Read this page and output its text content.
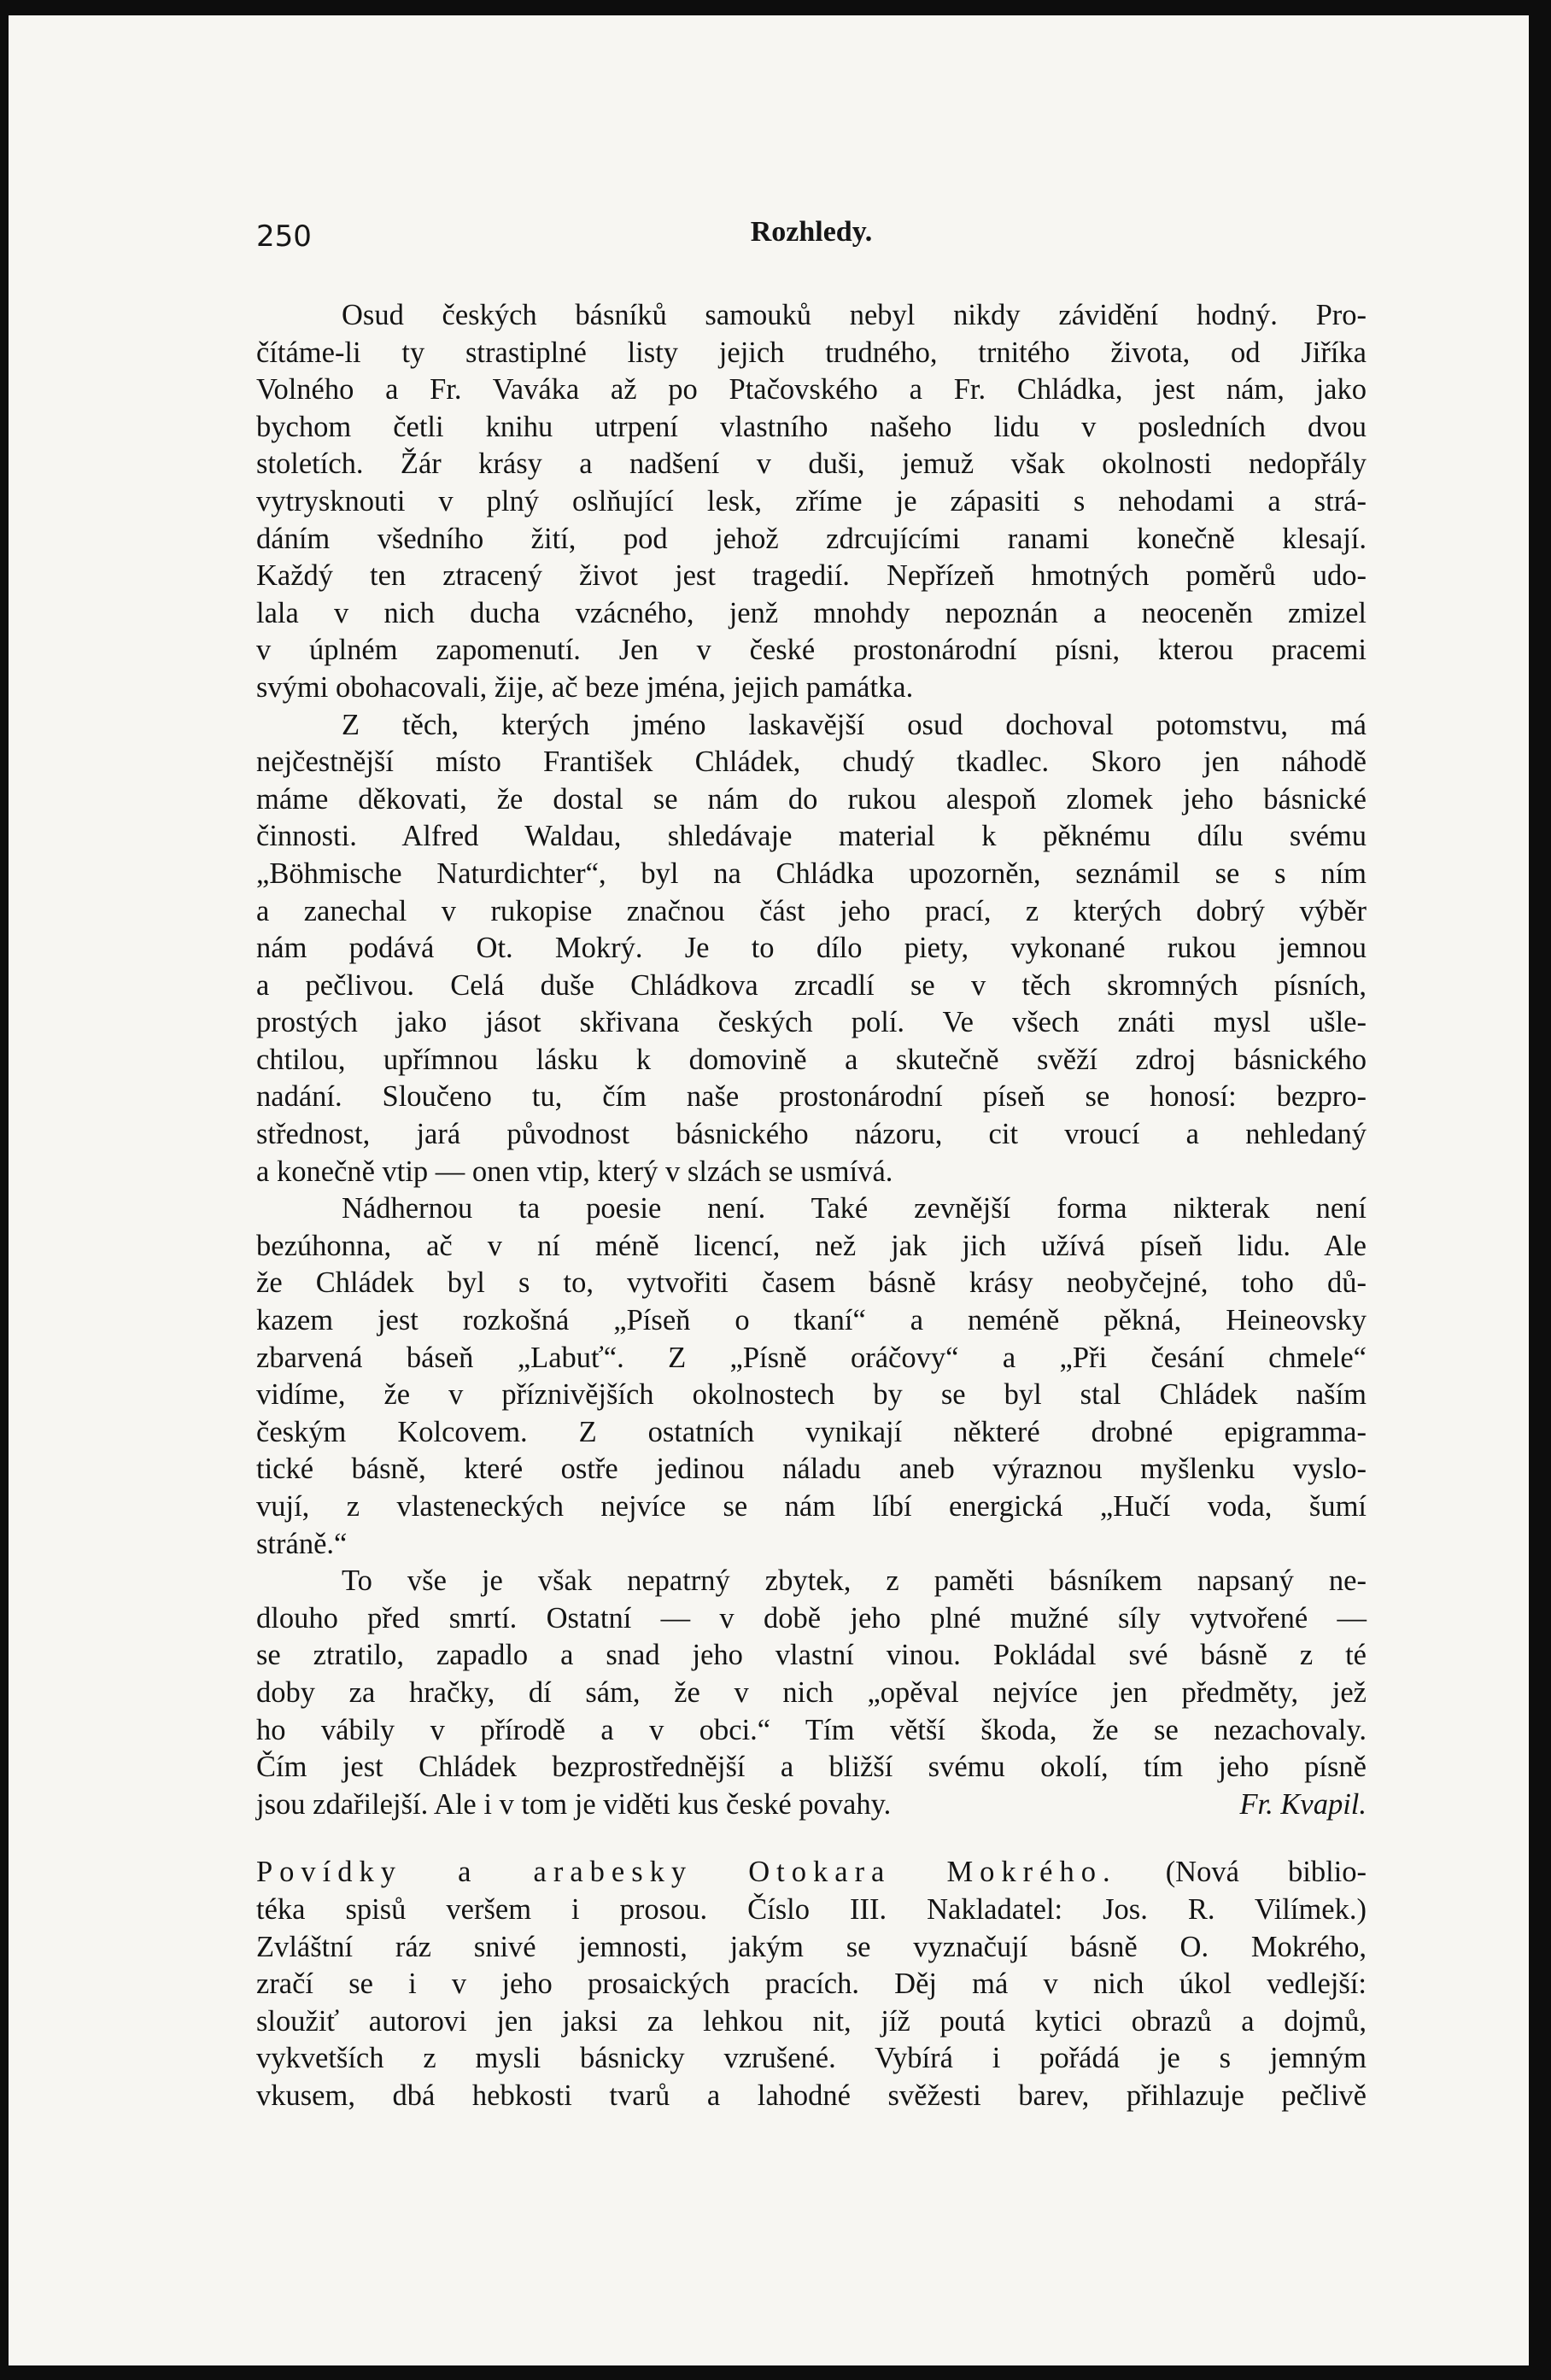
250	Rozhledy.

Osud českých básníků samouků nebyl nikdy závidění hodný. Pro-
čítáme-li ty strastiplné listy jejich trudného, trnitého života, od Jiříka
Volného a Fr. Vaváka až po Ptačovského a Fr. Chládka, jest nám, jako
bychom četli knihu utrpení vlastního našeho lidu v posledních dvou
stoletích. Žár krásy a nadšení v duši, jemuž však okolnosti nedopřály
vytrysknouti v plný oslňující lesk, zříme je zápasiti s nehodami a strá-
dáním všedního žití, pod jehož zdrcujícími ranami konečně klesají.
Každý ten ztracený život jest tragedií. Nepřízeň hmotných poměrů udo-
lala v nich ducha vzácného, jenž mnohdy nepoznán a neoceněn zmizel
v úplném zapomenutí. Jen v české prostonárodní písni, kterou pracemi
svými obohacovali, žije, ač beze jména, jejich památka.

Z těch, kterých jméno laskavější osud dochoval potomstvu, má
nejčestnější místo František Chládek, chudý tkadlec. Skoro jen náhodě
máme děkovati, že dostal se nám do rukou alespoň zlomek jeho básnické
činnosti. Alfred Waldau, shledávaje material k pěknému dílu svému
„Böhmische Naturdichter“, byl na Chládka upozorněn, seznámil se s ním
a zanechal v rukopise značnou část jeho prací, z kterých dobrý výběr
nám podává Ot. Mokrý. Je to dílo piety, vykonané rukou jemnou
a pečlivou. Celá duše Chládkova zrcadlí se v těch skromných písních,
prostých jako jásot skřivana českých polí. Ve všech znáti mysl ušle-
chtilou, upřímnou lásku k domovině a skutečně svěží zdroj básnického
nadání. Sloučeno tu, čím naše prostonárodní píseň se honosí: bezpro-
střednost, jará původnost básnického názoru, cit vroucí a nehledaný
a konečně vtip — onen vtip, který v slzách se usmívá.

Nádhernou ta poesie není. Také zevnější forma nikterak není
bezúhonna, ač v ní méně licencí, než jak jich užívá píseň lidu. Ale
že Chládek byl s to, vytvořiti časem básně krásy neobyčejné, toho dů-
kazem jest rozkošná „Píseň o tkaní“ a neméně pěkná, Heineovsky
zbarvená báseň „Labuť“. Z „Písně oráčovy“ a „Při česání chmele“
vidíme, že v příznivějších okolnostech by se byl stal Chládek naším
českým Kolcovem. Z ostatních vynikají některé drobné epigramma-
tické básně, které ostře jedinou náladu aneb výraznou myšlenku vyslo-
vují, z vlasteneckých nejvíce se nám líbí energická „Hučí voda, šumí
stráně.“

To vše je však nepatrný zbytek, z paměti básníkem napsaný ne-
dlouho před smrtí. Ostatní — v době jeho plné mužné síly vytvořené —
se ztratilo, zapadlo a snad jeho vlastní vinou. Pokládal své básně z té
doby za hračky, dí sám, že v nich „opěval nejvíce jen předměty, jež
ho vábily v přírodě a v obci.“ Tím větší škoda, že se nezachovaly.
Čím jest Chládek bezprostřednější a bližší svému okolí, tím jeho písně
jsou zdařilejší. Ale i v tom je viděti kus české povahy.	Fr. Kvapil.

Povídky a arabesky Otokara Mokrého. (Nová biblio-
téka spisů veršem i prosou. Číslo III. Nakladatel: Jos. R. Vilímek.)
Zvláštní ráz snivé jemnosti, jakým se vyznačují básně O. Mokrého,
zračí se i v jeho prosaických pracích. Děj má v nich úkol vedlejší:
sloužiť autorovi jen jaksi za lehkou nit, jíž poutá kytici obrazů a dojmů,
vykvetších z mysli básnicky vzrušené. Vybírá i pořádá je s jemným
vkusem, dbá hebkosti tvarů a lahodné svěžesti barev, přihlazuje pečlivě
